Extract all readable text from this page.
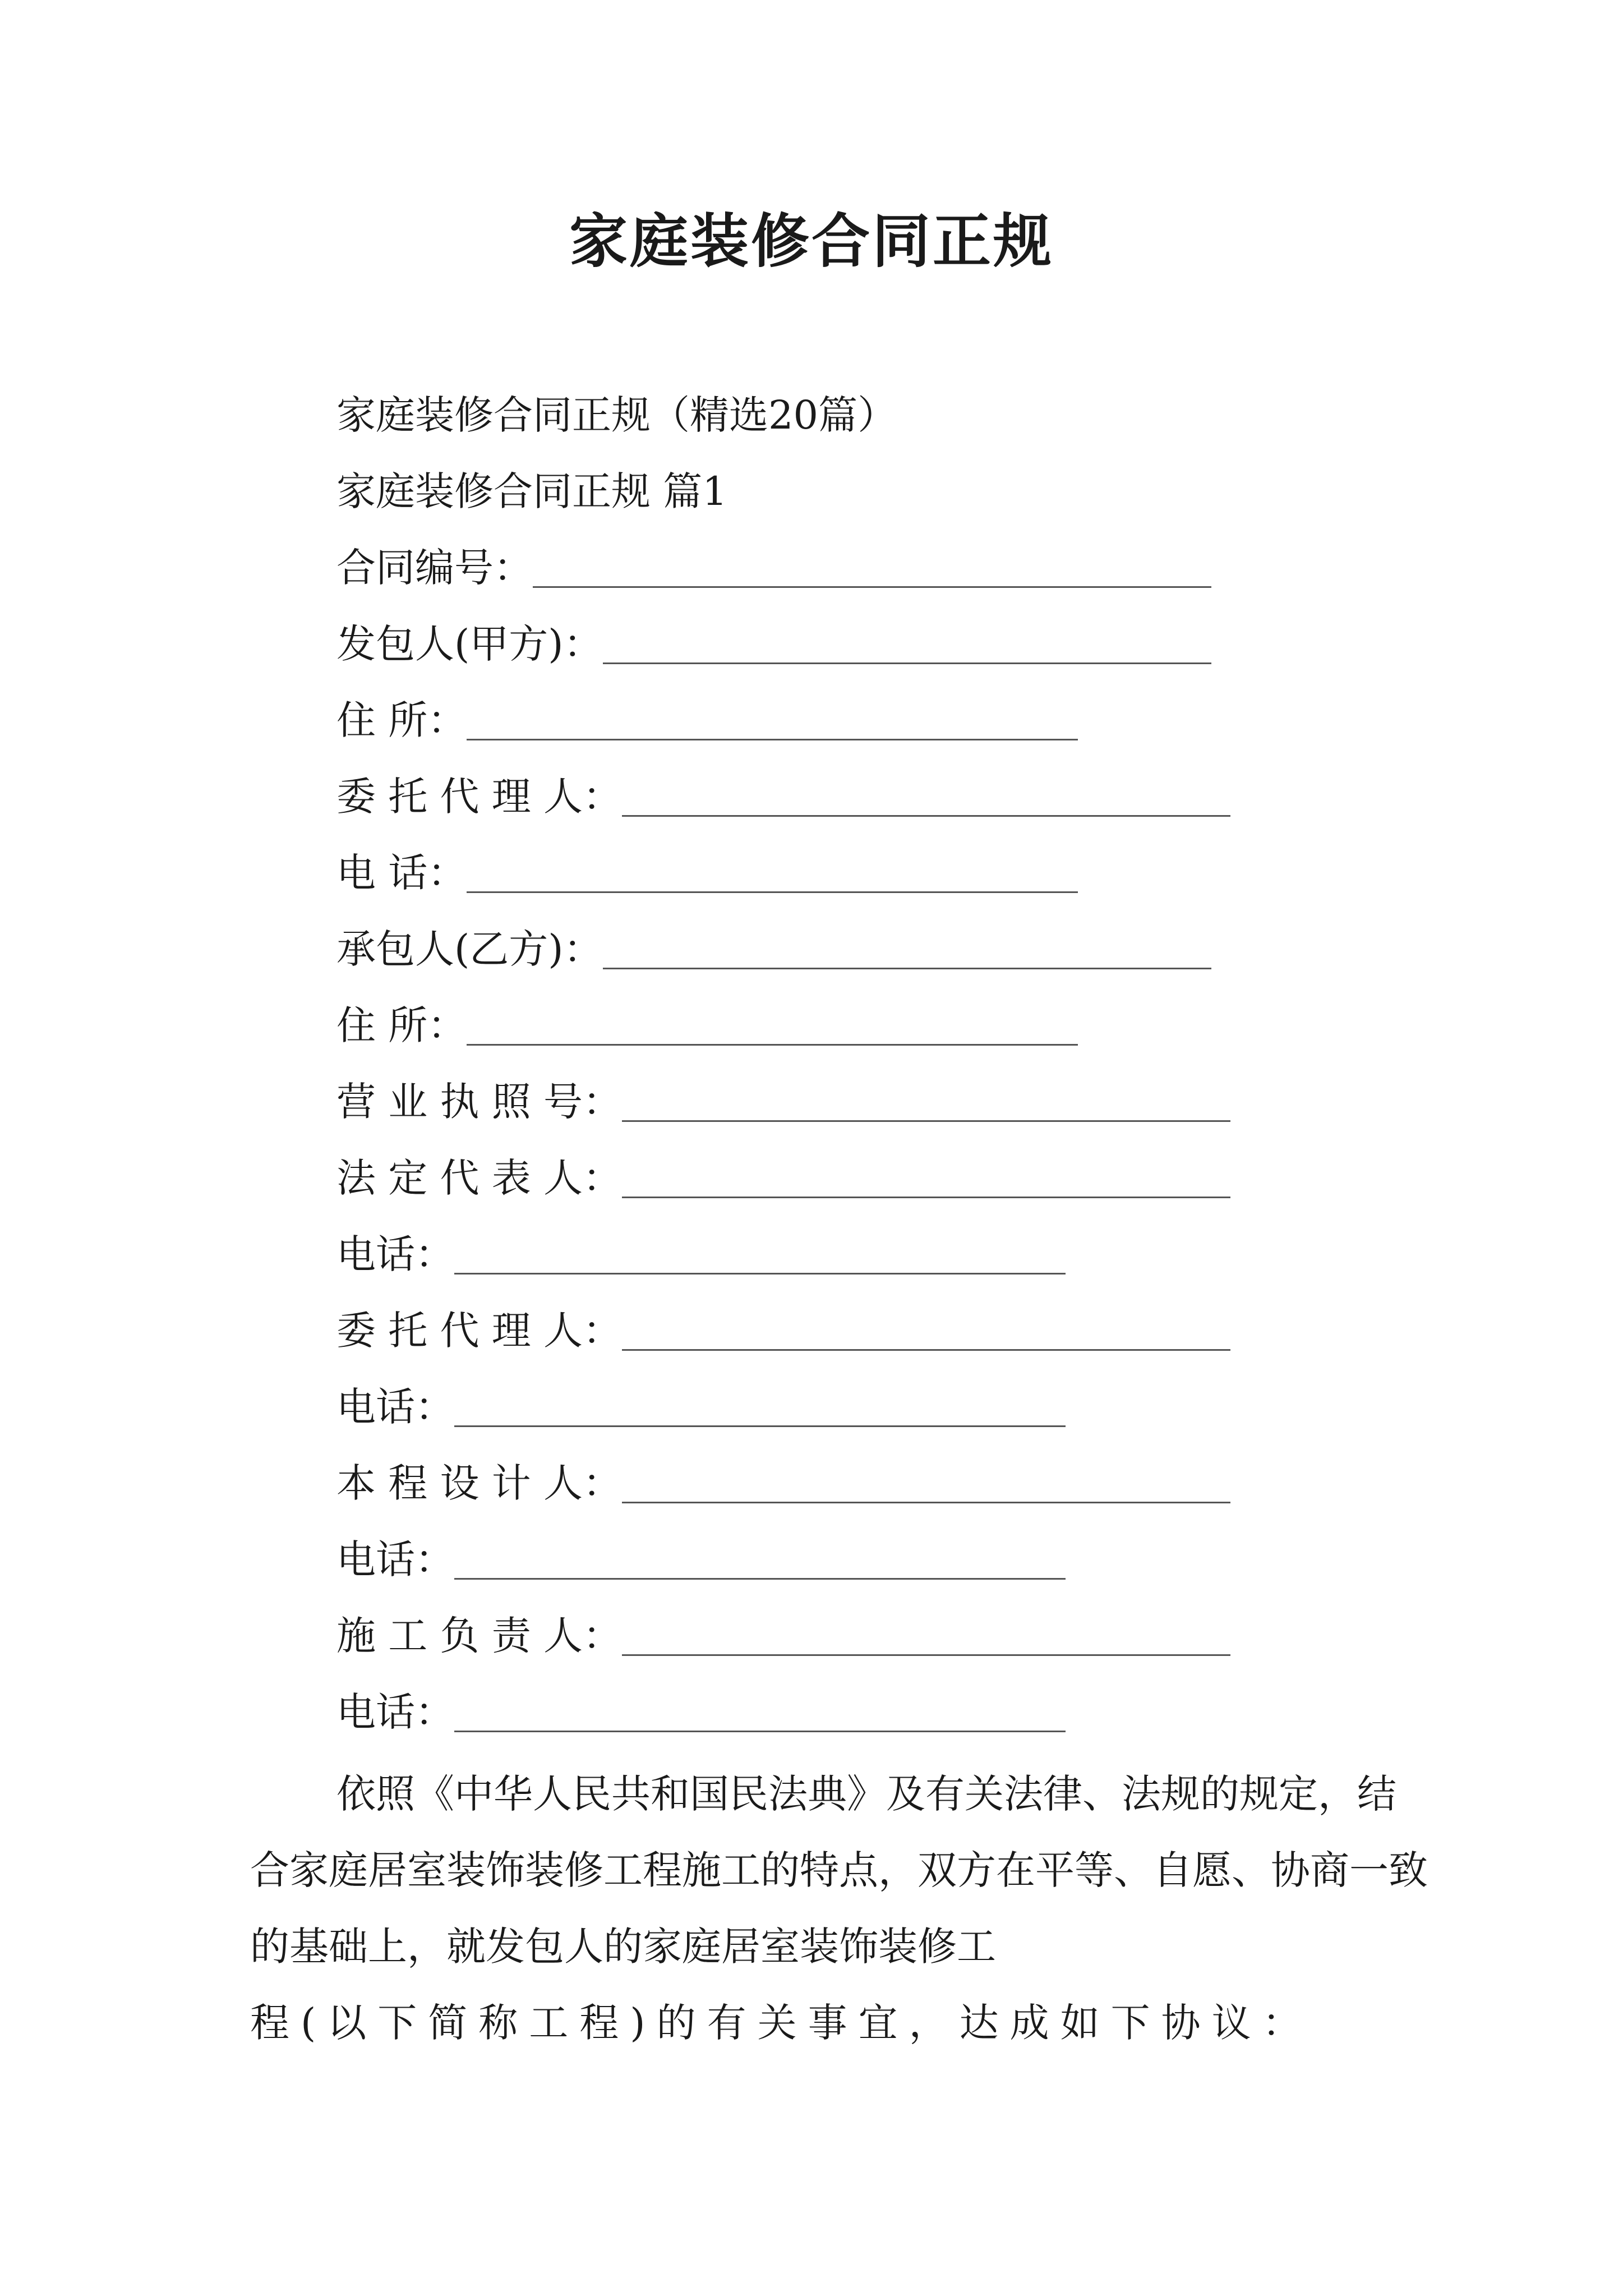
家庭装修合同正规
家庭装修合同正规（精选20篇）
家庭装修合同正规 篇1
合同编号：
发包人(甲方)：
住 所：
委 托 代 理 人：
电 话：
承包人(乙方)：
住 所：
营 业 执 照 号：
法 定 代 表 人：
电话：
委 托 代 理 人：
电话：
本 程 设 计 人：
电话：
施 工 负 责 人：
电话：
依照《中华人民共和国民法典》及有关法律、法规的规定，结合家庭居室装饰装修工程施工的特点，双方在平等、自愿、协商一致的基础上，就发包人的家庭居室装饰装修工
程(以下简称工程)的有关事宜，达成如下协议：
